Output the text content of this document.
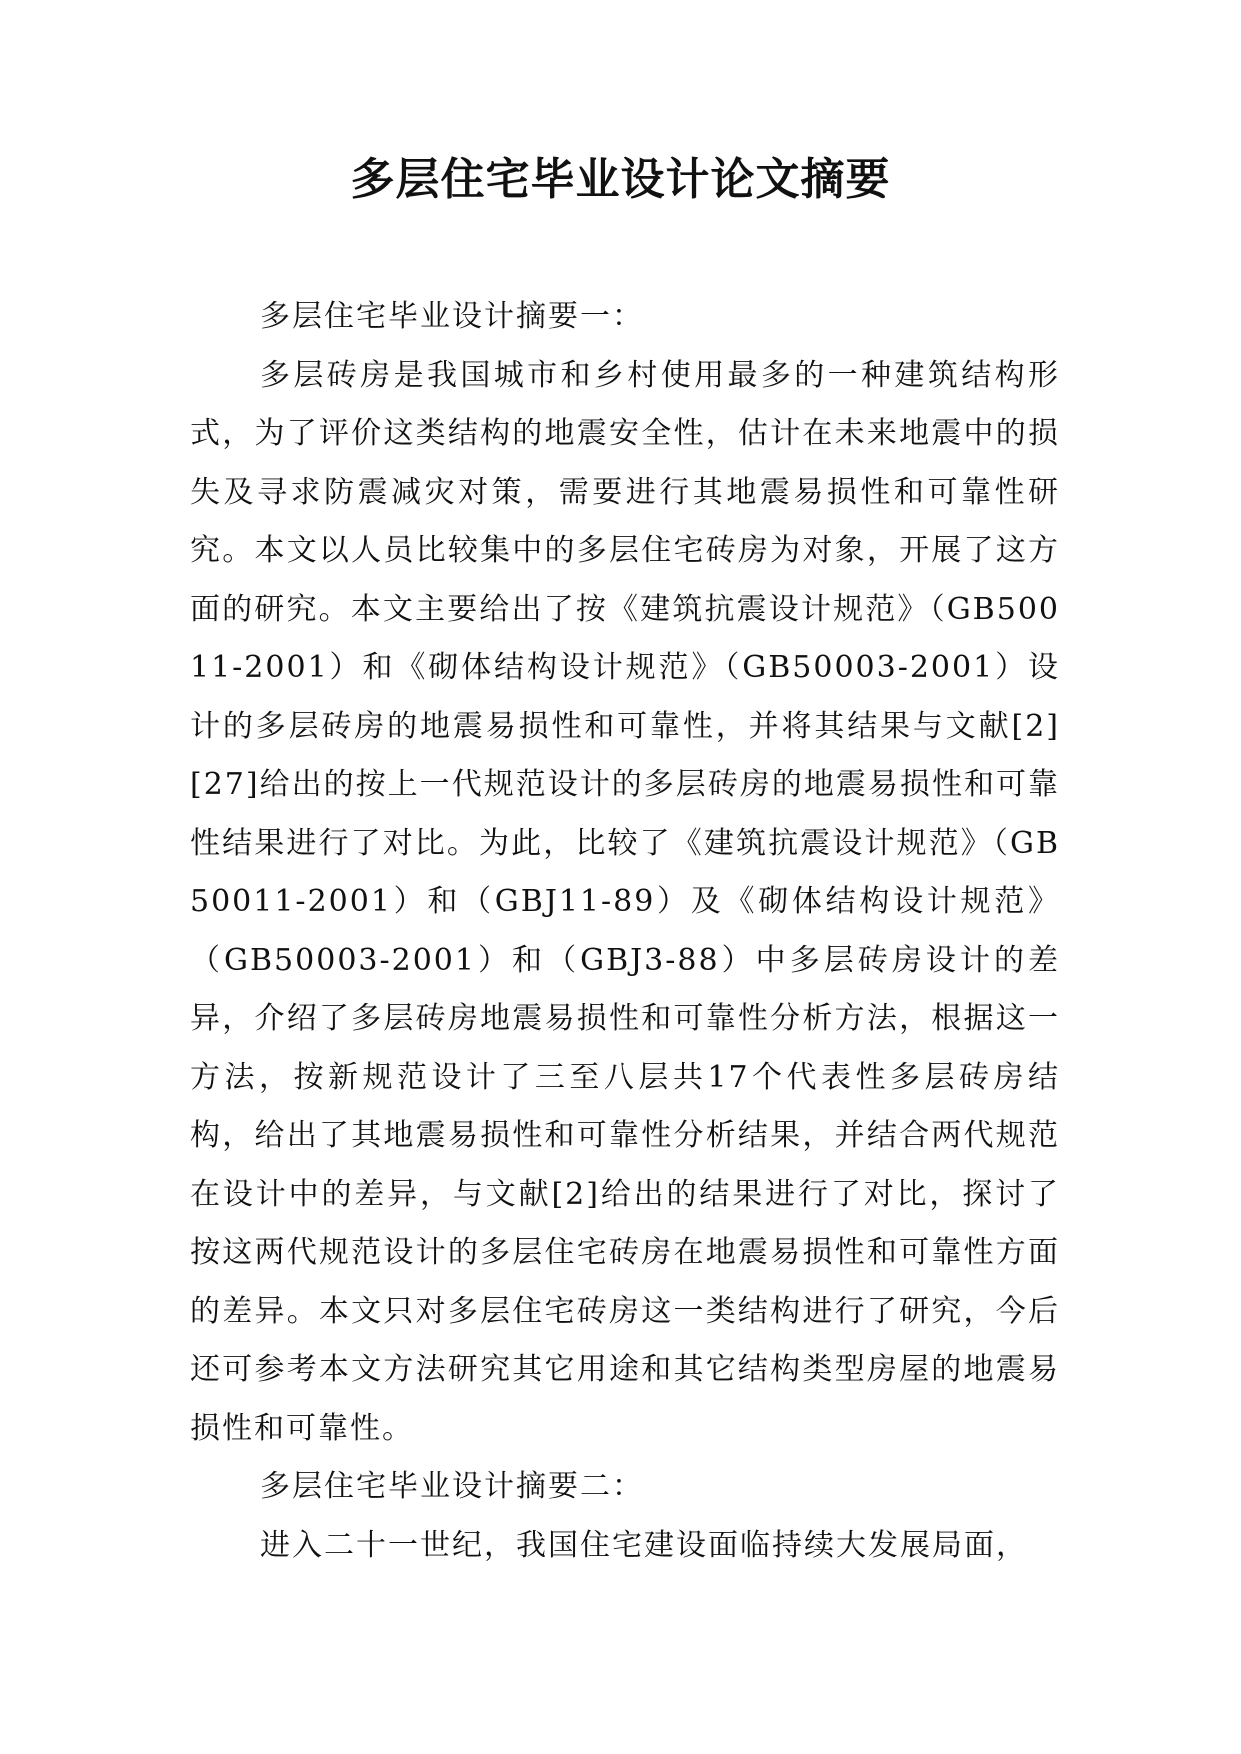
多层住宅毕业设计论文摘要

多层住宅毕业设计摘要一：

多层砖房是我国城市和乡村使用最多的一种建筑结构形式，为了评价这类结构的地震安全性，估计在未来地震中的损失及寻求防震减灾对策，需要进行其地震易损性和可靠性研究。本文以人员比较集中的多层住宅砖房为对象，开展了这方面的研究。本文主要给出了按《建筑抗震设计规范》（GB50011-2001）和《砌体结构设计规范》（GB50003-2001）设计的多层砖房的地震易损性和可靠性，并将其结果与文献[2] [27]给出的按上一代规范设计的多层砖房的地震易损性和可靠性结果进行了对比。为此，比较了《建筑抗震设计规范》（GB50011-2001）和（GBJ11-89）及《砌体结构设计规范》（GB50003-2001）和（GBJ3-88）中多层砖房设计的差异，介绍了多层砖房地震易损性和可靠性分析方法，根据这一方法，按新规范设计了三至八层共17个代表性多层砖房结构，给出了其地震易损性和可靠性分析结果，并结合两代规范在设计中的差异，与文献[2]给出的结果进行了对比，探讨了按这两代规范设计的多层住宅砖房在地震易损性和可靠性方面的差异。本文只对多层住宅砖房这一类结构进行了研究，今后还可参考本文方法研究其它用途和其它结构类型房屋的地震易损性和可靠性。

多层住宅毕业设计摘要二：

进入二十一世纪，我国住宅建设面临持续大发展局面，
